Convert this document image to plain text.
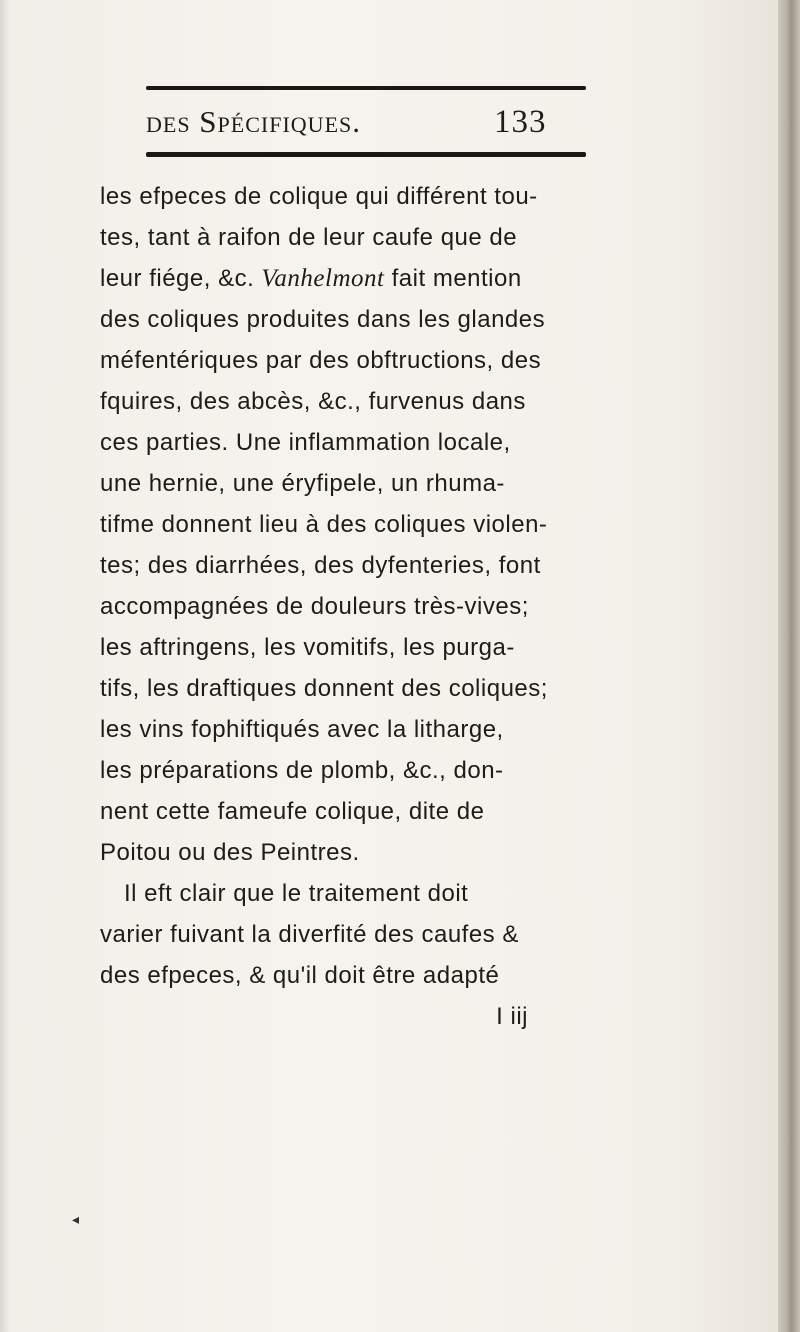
des Spécifiques.	133
les efpeces de colique qui différent tou-
tes, tant à raifon de leur caufe que de
leur fiége, &c. Vanhelmont fait mention
des coliques produites dans les glandes
méfentériques par des obftructions, des
fquires, des abcès, &c., furvenus dans
ces parties. Une inflammation locale,
une hernie, une éryfipele, un rhuma-
tifme donnent lieu à des coliques violen-
tes; des diarrhées, des dyfenteries, font
accompagnées de douleurs très-vives;
les aftringens, les vomitifs, les purga-
tifs, les draftiques donnent des coliques;
les vins fophiftiqués avec la litharge,
les préparations de plomb, &c., don-
nent cette fameufe colique, dite de
Poitou ou des Peintres.
Il eft clair que le traitement doit
varier fuivant la diverfité des caufes &
des efpeces, & qu'il doit être adapté
I iij
◂
